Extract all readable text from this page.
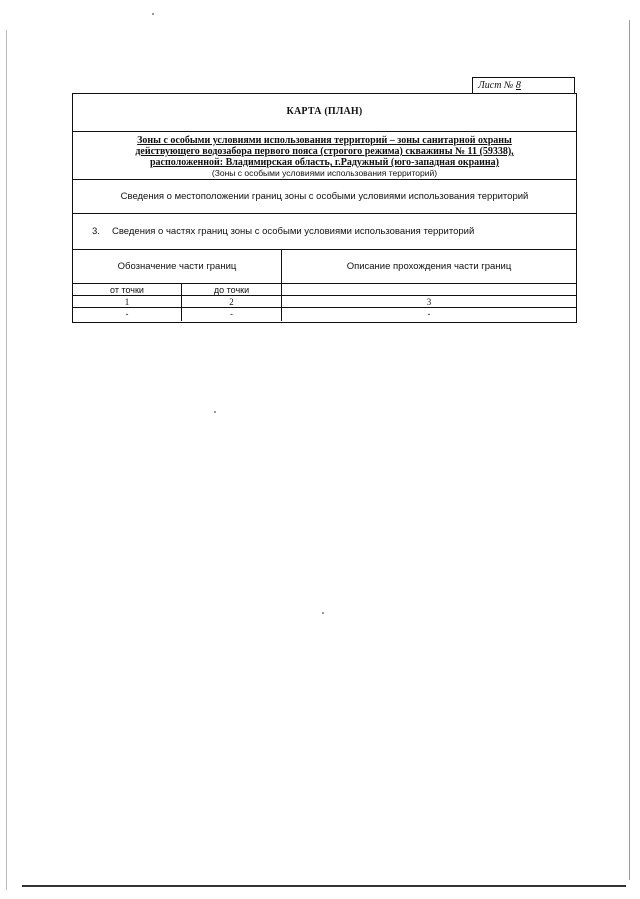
Лист № 8
КАРТА (ПЛАН)
Зоны с особыми условиями использования территорий – зоны санитарной охраны
действующего водозабора первого пояса (строгого режима) скважины № 11 (59338),
расположенной: Владимирская область, г.Радужный (юго-западная окраина)
(Зоны с особыми условиями использования территорий)
Сведения о местоположении границ зоны с особыми условиями использования территорий
3. Сведения о частях границ зоны с особыми условиями использования территорий
Обозначение части границ	Описание прохождения части границ
от точки	до точки
1	2	3
-	-	-
